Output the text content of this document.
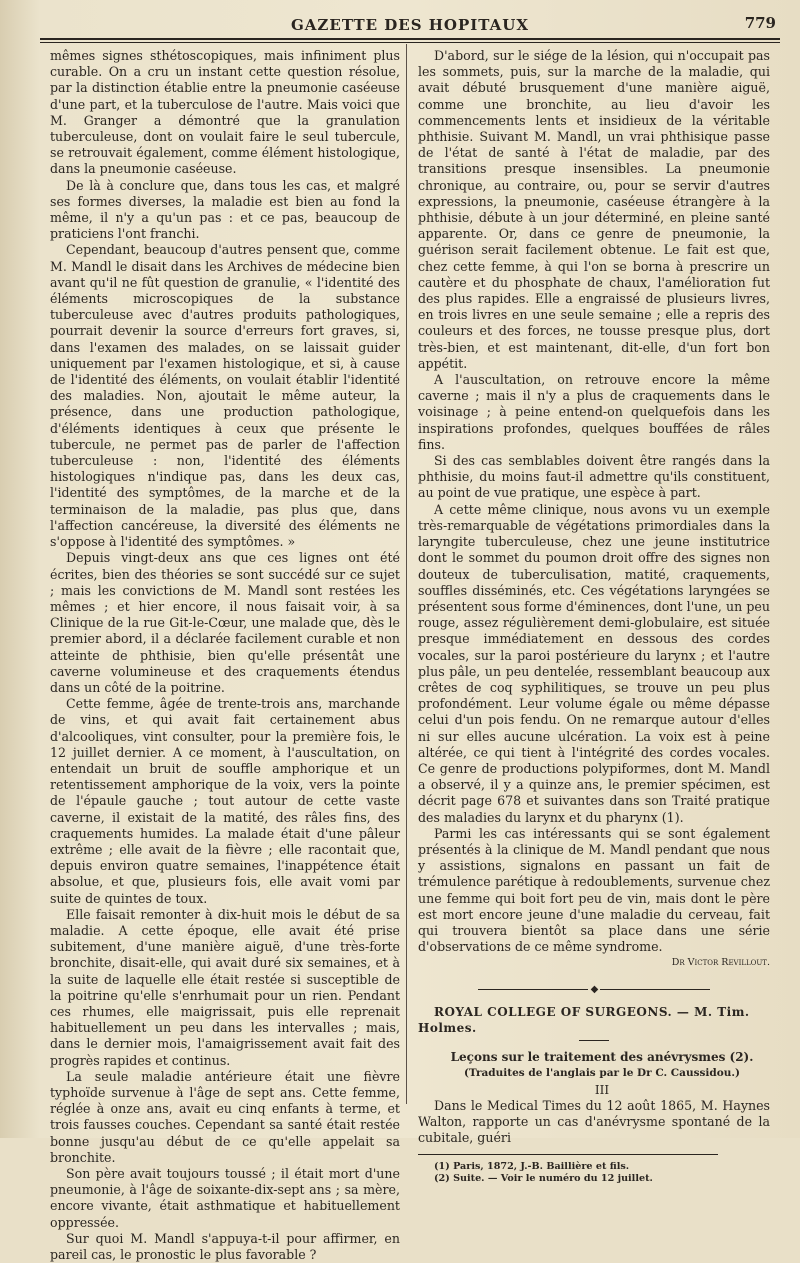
GAZETTE DES HOPITAUX	779

mêmes signes sthétoscopiques, mais infiniment plus curable. On a cru un instant cette question résolue, par la distinction établie entre la pneumonie caséeuse d'une part, et la tuberculose de l'autre. Mais voici que M. Granger a démontré que la granulation tuberculeuse, dont on voulait faire le seul tubercule, se retrouvait également, comme élément histologique, dans la pneumonie caséeuse.

De là à conclure que, dans tous les cas, et malgré ses formes diverses, la maladie est bien au fond la même, il n'y a qu'un pas : et ce pas, beaucoup de praticiens l'ont franchi.

Cependant, beaucoup d'autres pensent que, comme M. Mandl le disait dans les Archives de médecine bien avant qu'il ne fût question de granulie, « l'identité des éléments microscopiques de la substance tuberculeuse avec d'autres produits pathologiques, pourrait devenir la source d'erreurs fort graves, si, dans l'examen des malades, on se laissait guider uniquement par l'examen histologique, et si, à cause de l'identité des éléments, on voulait établir l'identité des maladies. Non, ajoutait le même auteur, la présence, dans une production pathologique, d'éléments identiques à ceux que présente le tubercule, ne permet pas de parler de l'affection tuberculeuse : non, l'identité des éléments histologiques n'indique pas, dans les deux cas, l'identité des symptômes, de la marche et de la terminaison de la maladie, pas plus que, dans l'affection cancéreuse, la diversité des éléments ne s'oppose à l'identité des symptômes. »

Depuis vingt-deux ans que ces lignes ont été écrites, bien des théories se sont succédé sur ce sujet ; mais les convictions de M. Mandl sont restées les mêmes ; et hier encore, il nous faisait voir, à sa Clinique de la rue Git-le-Cœur, une malade que, dès le premier abord, il a déclarée facilement curable et non atteinte de phthisie, bien qu'elle présentât une caverne volumineuse et des craquements étendus dans un côté de la poitrine.

Cette femme, âgée de trente-trois ans, marchande de vins, et qui avait fait certainement abus d'alcooliques, vint consulter, pour la première fois, le 12 juillet dernier. A ce moment, à l'auscultation, on entendait un bruit de souffle amphorique et un retentissement amphorique de la voix, vers la pointe de l'épaule gauche ; tout autour de cette vaste caverne, il existait de la matité, des râles fins, des craquements humides. La malade était d'une pâleur extrême ; elle avait de la fièvre ; elle racontait que, depuis environ quatre semaines, l'inappétence était absolue, et que, plusieurs fois, elle avait vomi par suite de quintes de toux.

Elle faisait remonter à dix-huit mois le début de sa maladie. A cette époque, elle avait été prise subitement, d'une manière aiguë, d'une très-forte bronchite, disait-elle, qui avait duré six semaines, et à la suite de laquelle elle était restée si susceptible de la poitrine qu'elle s'enrhumait pour un rien. Pendant ces rhumes, elle maigrissait, puis elle reprenait habituellement un peu dans les intervalles ; mais, dans le dernier mois, l'amaigrissement avait fait des progrès rapides et continus.

La seule maladie antérieure était une fièvre typhoïde survenue à l'âge de sept ans. Cette femme, réglée à onze ans, avait eu cinq enfants à terme, et trois fausses couches. Cependant sa santé était restée bonne jusqu'au début de ce qu'elle appelait sa bronchite.

Son père avait toujours toussé ; il était mort d'une pneumonie, à l'âge de soixante-dix-sept ans ; sa mère, encore vivante, était asthmatique et habituellement oppressée.

Sur quoi M. Mandl s'appuya-t-il pour affirmer, en pareil cas, le pronostic le plus favorable ?

D'abord, sur le siége de la lésion, qui n'occupait pas les sommets, puis, sur la marche de la maladie, qui avait débuté brusquement d'une manière aiguë, comme une bronchite, au lieu d'avoir les commencements lents et insidieux de la véritable phthisie. Suivant M. Mandl, un vrai phthisique passe de l'état de santé à l'état de maladie, par des transitions presque insensibles. La pneumonie chronique, au contraire, ou, pour se servir d'autres expressions, la pneumonie, caséeuse étrangère à la phthisie, débute à un jour déterminé, en pleine santé apparente. Or, dans ce genre de pneumonie, la guérison serait facilement obtenue. Le fait est que, chez cette femme, à qui l'on se borna à prescrire un cautère et du phosphate de chaux, l'amélioration fut des plus rapides. Elle a engraissé de plusieurs livres, en trois livres en une seule semaine ; elle a repris des couleurs et des forces, ne tousse presque plus, dort très-bien, et est maintenant, dit-elle, d'un fort bon appétit.

A l'auscultation, on retrouve encore la même caverne ; mais il n'y a plus de craquements dans le voisinage ; à peine entend-on quelquefois dans les inspirations profondes, quelques bouffées de râles fins.

Si des cas semblables doivent être rangés dans la phthisie, du moins faut-il admettre qu'ils constituent, au point de vue pratique, une espèce à part.

A cette même clinique, nous avons vu un exemple très-remarquable de végétations primordiales dans la laryngite tuberculeuse, chez une jeune institutrice dont le sommet du poumon droit offre des signes non douteux de tuberculisation, matité, craquements, souffles disséminés, etc. Ces végétations laryngées se présentent sous forme d'éminences, dont l'une, un peu rouge, assez régulièrement demi-globulaire, est située presque immédiatement en dessous des cordes vocales, sur la paroi postérieure du larynx ; et l'autre plus pâle, un peu dentelée, ressemblant beaucoup aux crêtes de coq syphilitiques, se trouve un peu plus profondément. Leur volume égale ou même dépasse celui d'un pois fendu. On ne remarque autour d'elles ni sur elles aucune ulcération. La voix est à peine altérée, ce qui tient à l'intégrité des cordes vocales. Ce genre de productions polypiformes, dont M. Mandl a observé, il y a quinze ans, le premier spécimen, est décrit page 678 et suivantes dans son Traité pratique des maladies du larynx et du pharynx (1).

Parmi les cas intéressants qui se sont également présentés à la clinique de M. Mandl pendant que nous y assistions, signalons en passant un fait de trémulence parétique à redoublements, survenue chez une femme qui boit fort peu de vin, mais dont le père est mort encore jeune d'une maladie du cerveau, fait qui trouvera bientôt sa place dans une série d'observations de ce même syndrome.

Dr Victor Revillout.

◆

ROYAL COLLEGE OF SURGEONS. — M. Tim. Holmes.

Leçons sur le traitement des anévrysmes (2).

(Traduites de l'anglais par le Dr C. Caussidou.)

III

Dans le Medical Times du 12 août 1865, M. Haynes Walton, rapporte un cas d'anévrysme spontané de la cubitale, guéri

(1) Paris, 1872, J.-B. Baillière et fils.

(2) Suite. — Voir le numéro du 12 juillet.
